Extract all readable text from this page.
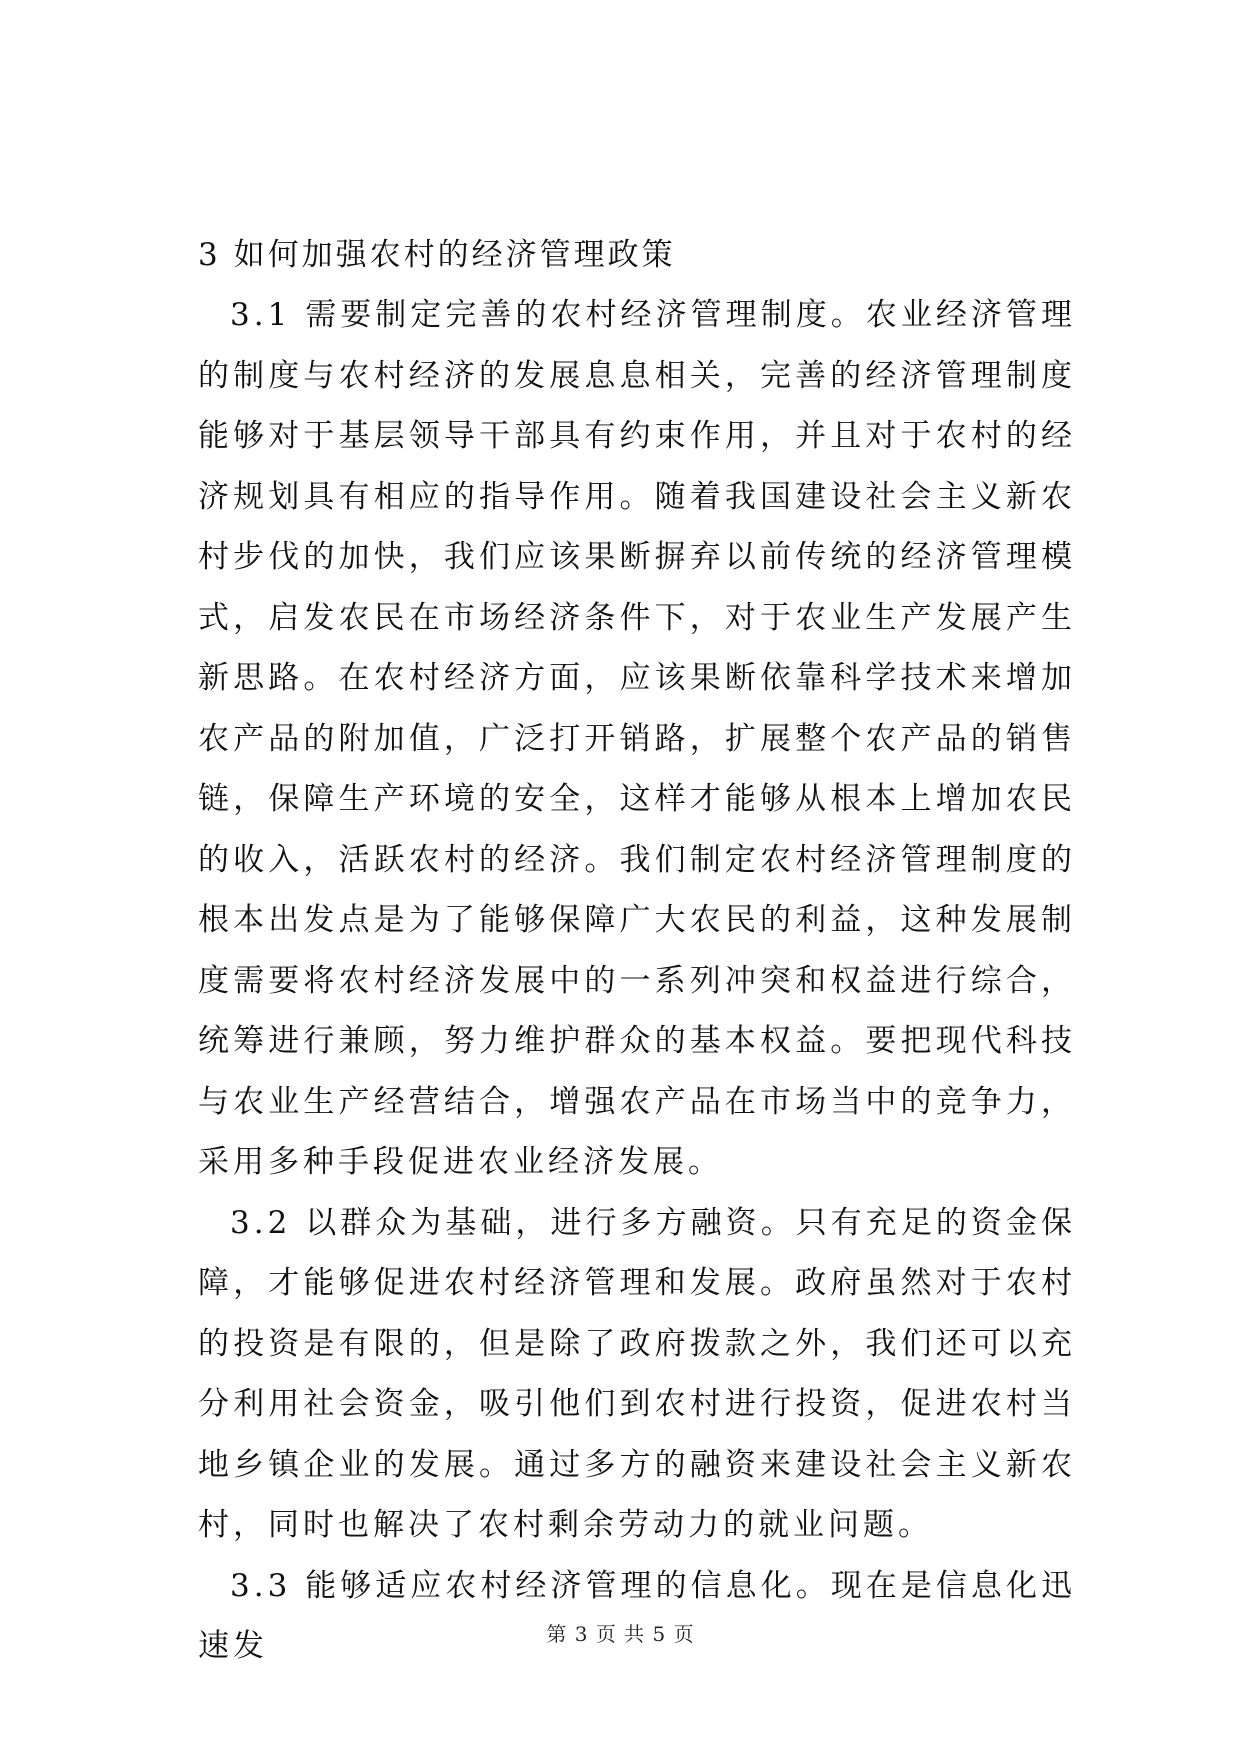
3 如何加强农村的经济管理政策

3.1 需要制定完善的农村经济管理制度。农业经济管理的制度与农村经济的发展息息相关，完善的经济管理制度能够对于基层领导干部具有约束作用，并且对于农村的经济规划具有相应的指导作用。随着我国建设社会主义新农村步伐的加快，我们应该果断摒弃以前传统的经济管理模式，启发农民在市场经济条件下，对于农业生产发展产生新思路。在农村经济方面，应该果断依靠科学技术来增加农产品的附加值，广泛打开销路，扩展整个农产品的销售链，保障生产环境的安全，这样才能够从根本上增加农民的收入，活跃农村的经济。我们制定农村经济管理制度的根本出发点是为了能够保障广大农民的利益，这种发展制度需要将农村经济发展中的一系列冲突和权益进行综合，统筹进行兼顾，努力维护群众的基本权益。要把现代科技与农业生产经营结合，增强农产品在市场当中的竞争力，采用多种手段促进农业经济发展。

3.2 以群众为基础，进行多方融资。只有充足的资金保障，才能够促进农村经济管理和发展。政府虽然对于农村的投资是有限的，但是除了政府拨款之外，我们还可以充分利用社会资金，吸引他们到农村进行投资，促进农村当地乡镇企业的发展。通过多方的融资来建设社会主义新农村，同时也解决了农村剩余劳动力的就业问题。

3.3 能够适应农村经济管理的信息化。现在是信息化迅速发	第 3 页 共 5 页
